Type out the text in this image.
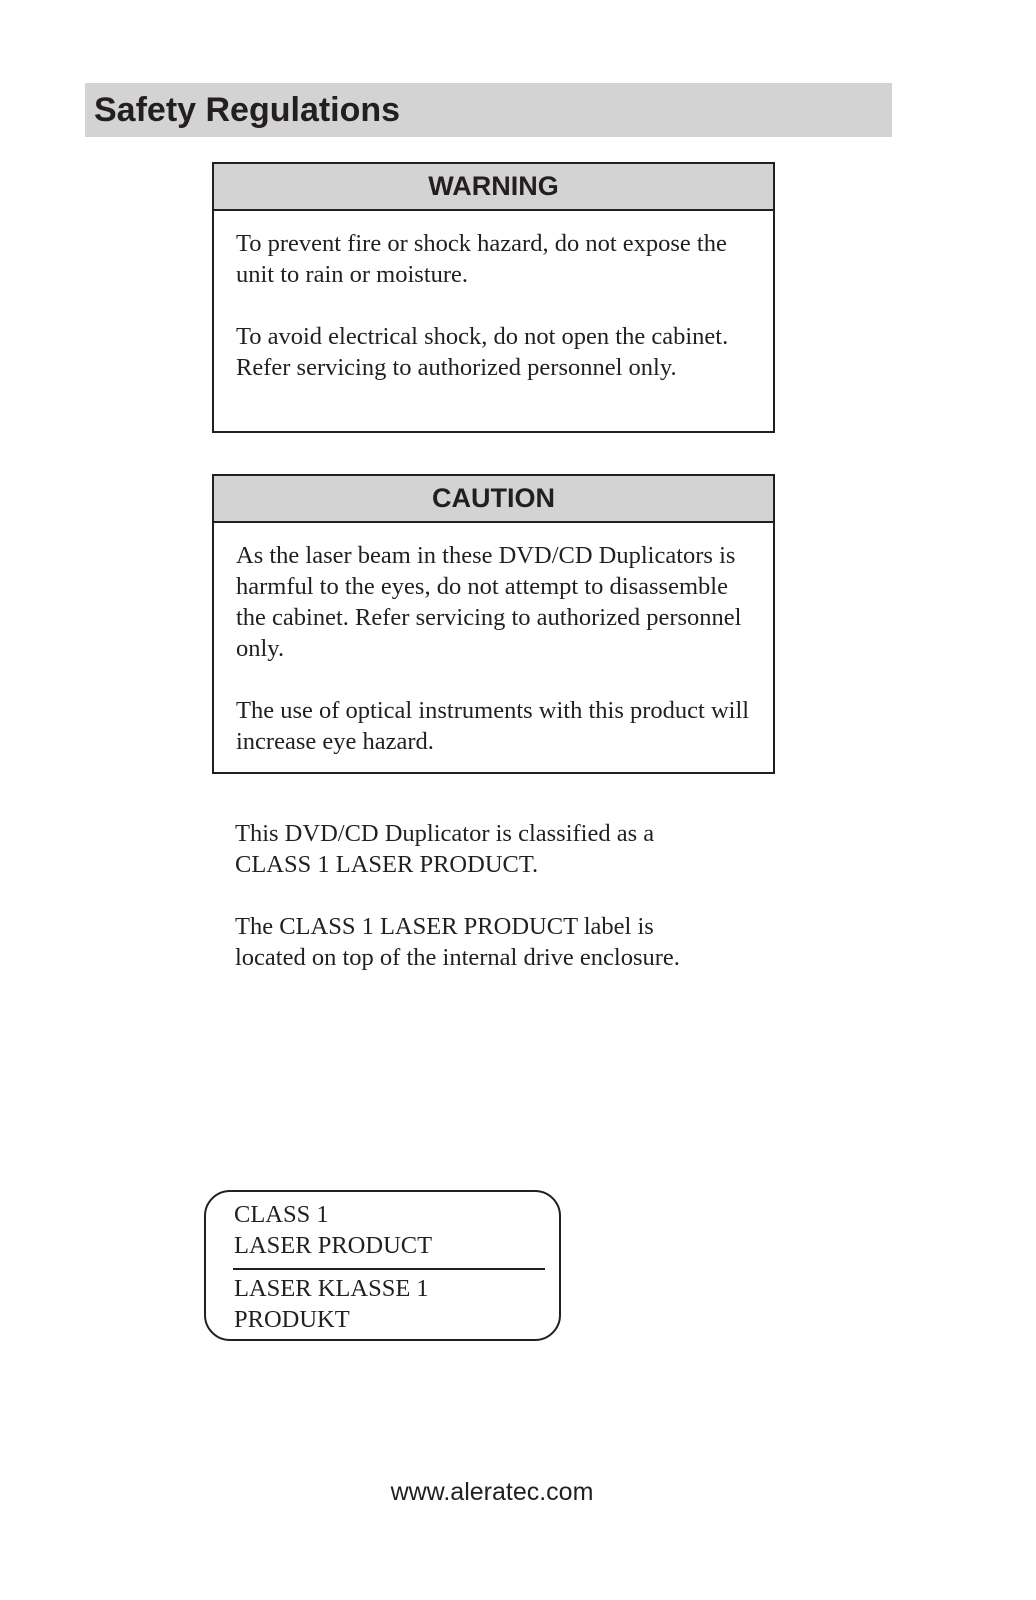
Safety Regulations
WARNING

To prevent fire or shock hazard, do not expose the unit to rain or moisture.

To avoid electrical shock, do not open the cabinet. Refer servicing to authorized personnel only.

CAUTION

As the laser beam in these DVD/CD Duplicators is harmful to the eyes, do not attempt to disassemble the cabinet. Refer servicing to authorized personnel only.

The use of optical instruments with this product will increase eye hazard.

This DVD/CD Duplicator is classified as a CLASS 1 LASER PRODUCT.

The CLASS 1 LASER PRODUCT label is located on top of the internal drive enclosure.

CLASS 1
LASER PRODUCT
LASER KLASSE 1
PRODUKT
www.aleratec.com
